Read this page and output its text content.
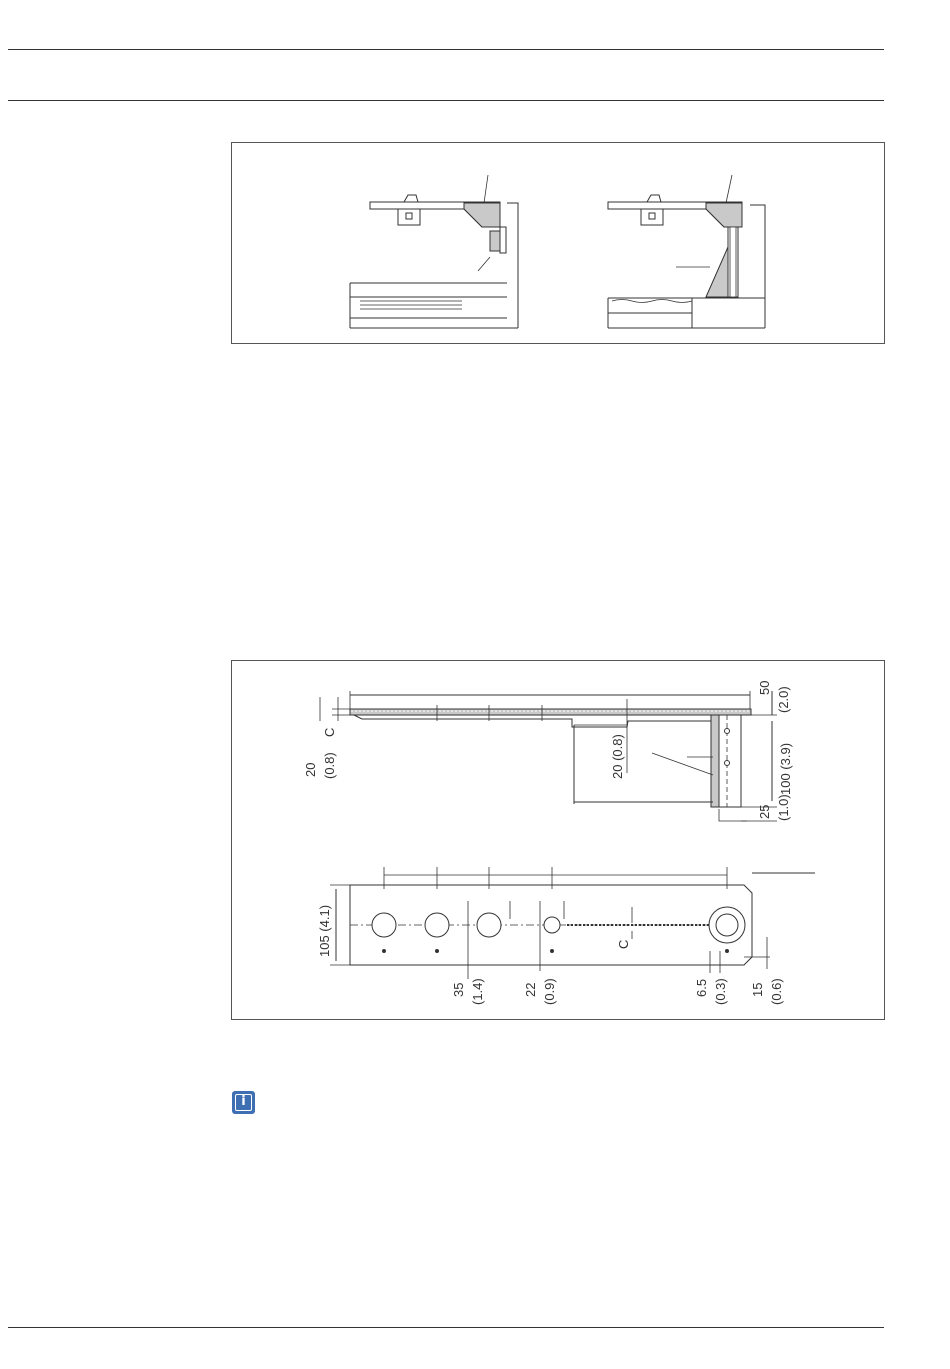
50 (2.0)
100 (3.9)
25 (1.0)
20 (0.8)
20 (0.8)
C
105 (4.1)
35 (1.4)	22 (0.9)
C
6.5 (0.3) 15 (0.6)
i
